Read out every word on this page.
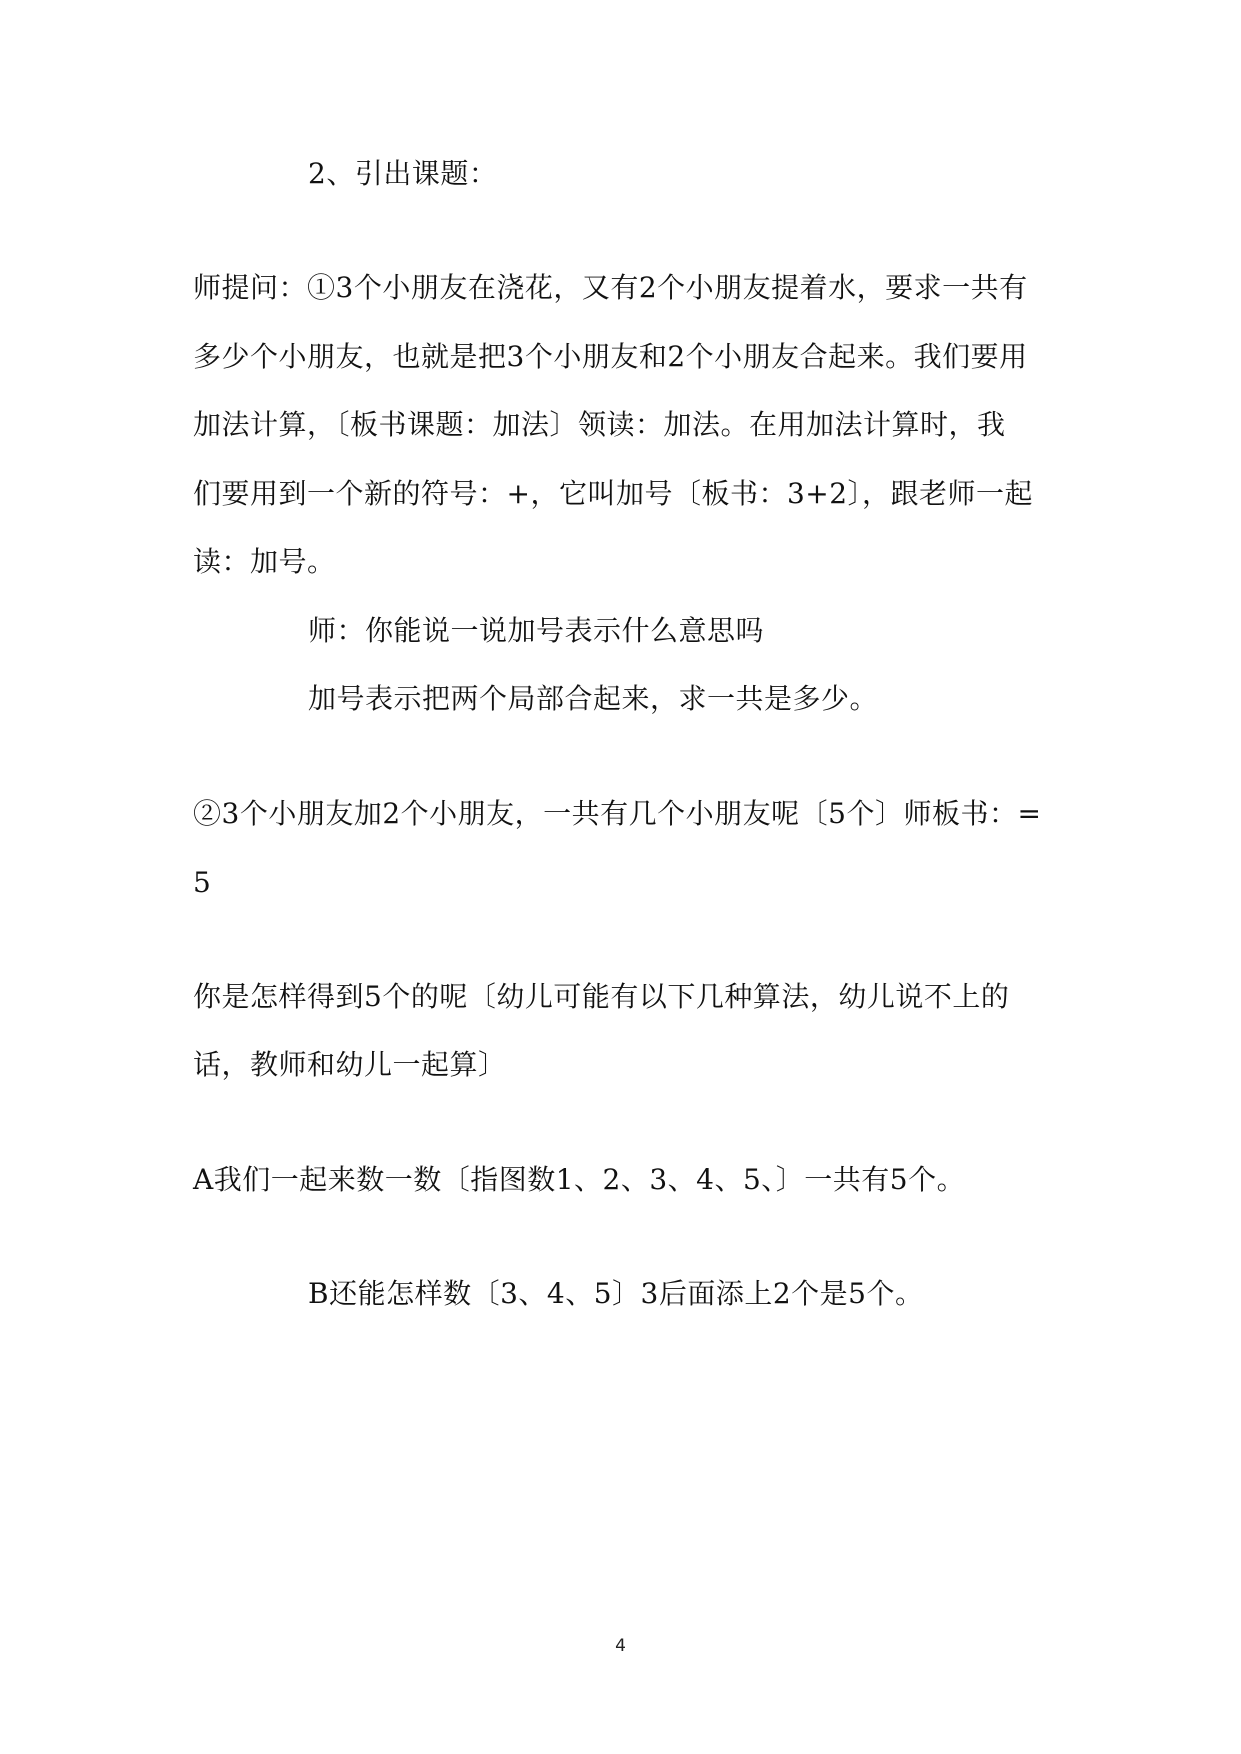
2、引出课题：
师提问：①3个小朋友在浇花，又有2个小朋友提着水，要求一共有
多少个小朋友，也就是把3个小朋友和2个小朋友合起来。我们要用
加法计算，〔板书课题：加法〕领读：加法。在用加法计算时，我
们要用到一个新的符号：+，它叫加号〔板书：3+2〕，跟老师一起
读：加号。
师：你能说一说加号表示什么意思吗
加号表示把两个局部合起来，求一共是多少。
②3个小朋友加2个小朋友，一共有几个小朋友呢〔5个〕师板书：=
5
你是怎样得到5个的呢〔幼儿可能有以下几种算法，幼儿说不上的
话，教师和幼儿一起算〕
A我们一起来数一数〔指图数1、2、3、4、5、〕一共有5个。
B还能怎样数〔3、4、5〕3后面添上2个是5个。
4
